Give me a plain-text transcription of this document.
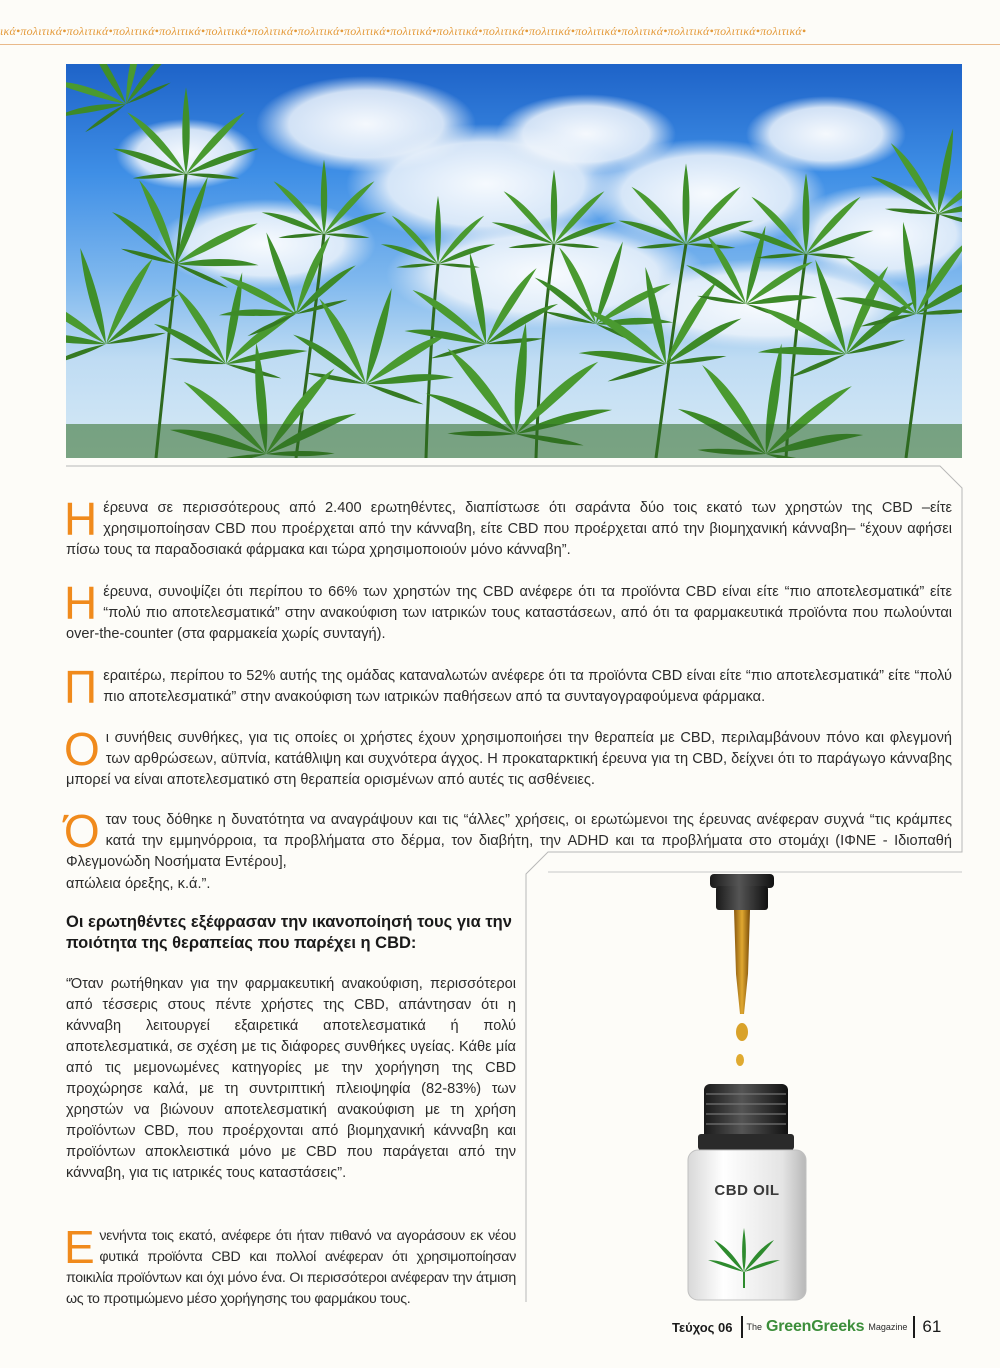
ικά•πολιτικά•πολιτικά•πολιτικά•πολιτικά•πολιτικά•πολιτικά•πολιτικά•πολιτικά•πολιτικά•πολιτικά•πολιτικά•πολιτικά•πολιτικά•πολιτικά•πολιτικά•πολιτικά•πολιτικά•
Η έρευνα σε περισσότερους από 2.400 ερωτηθέντες, διαπίστωσε ότι σαράντα δύο τοις εκατό των χρηστών της CBD –είτε χρησιμοποίησαν CBD που προέρχεται από την κάνναβη, είτε CBD που προέρχεται από την βιομηχανική κάνναβη– “έχουν αφήσει πίσω τους τα παραδοσιακά φάρμακα και τώρα χρησιμοποιούν μόνο κάνναβη”.
Η έρευνα, συνοψίζει ότι περίπου το 66% των χρηστών της CBD ανέφερε ότι τα προϊόντα CBD είναι είτε “πιο αποτελεσματικά” είτε “πολύ πιο αποτελεσματικά” στην ανακούφιση των ιατρικών τους καταστάσεων, από ότι τα φαρμακευτικά προϊόντα που πωλούνται over-the-counter (στα φαρμακεία χωρίς συνταγή).
Περαιτέρω, περίπου το 52% αυτής της ομάδας καταναλωτών ανέφερε ότι τα προϊόντα CBD είναι είτε “πιο αποτελεσματικά” είτε “πολύ πιο αποτελεσματικά” στην ανακούφιση των ιατρικών παθήσεων από τα συνταγογραφούμενα φάρμακα.
Οι συνήθεις συνθήκες, για τις οποίες οι χρήστες έχουν χρησιμοποιήσει την θεραπεία με CBD, περιλαμβάνουν πόνο και φλεγμονή των αρθρώσεων, αϋπνία, κατάθλιψη και συχνότερα άγχος. Η προκαταρκτική έρευνα για τη CBD, δείχνει ότι το παράγωγο κάνναβης μπορεί να είναι αποτελεσματικό στη θεραπεία ορισμένων από αυτές τις ασθένειες.
Όταν τους δόθηκε η δυνατότητα να αναγράψουν και τις “άλλες” χρήσεις, οι ερωτώμενοι της έρευνας ανέφεραν συχνά “τις κράμπες κατά την εμμηνόρροια, τα προβλήματα στο δέρμα, τον διαβήτη, την ADHD και τα προβλήματα στο στομάχι (ΙΦΝΕ - Ιδιοπαθή Φλεγμονώδη Νοσήματα Εντέρου],
απώλεια όρεξης, κ.ά.”.
Οι ερωτηθέντες εξέφρασαν την ικανοποίησή τους για την ποιότητα της θεραπείας που παρέχει η CBD:
“Όταν ρωτήθηκαν για την φαρμακευτική ανακούφιση, περισσότεροι από τέσσερις στους πέντε χρήστες της CBD, απάντησαν ότι η κάνναβη λειτουργεί εξαιρετικά αποτελεσματικά ή πολύ αποτελεσματικά, σε σχέση με τις διάφορες συνθήκες υγείας. Κάθε μία από τις μεμονωμένες κατηγορίες με την χορήγηση της CBD προχώρησε καλά, με τη συντριπτική πλειοψηφία (82-83%) των χρηστών να βιώνουν αποτελεσματική ανακούφιση με τη χρήση προϊόντων CBD, που προέρχονται από βιομηχανική κάνναβη και προϊόντων αποκλειστικά μόνο με CBD που παράγεται από την κάνναβη, για τις ιατρικές τους καταστάσεις”.
Ενενήντα τοις εκατό, ανέφερε ότι ήταν πιθανό να αγοράσουν εκ νέου φυτικά προϊόντα CBD και πολλοί ανέφεραν ότι χρησιμοποίησαν ποικιλία προϊόντων και όχι μόνο ένα. Οι περισσότεροι ανέφεραν την άτμιση ως το προτιμώμενο μέσο χορήγησης του φαρμάκου τους.
CBD OIL
Τεύχος 06 The GreenGreeks Magazine 61
